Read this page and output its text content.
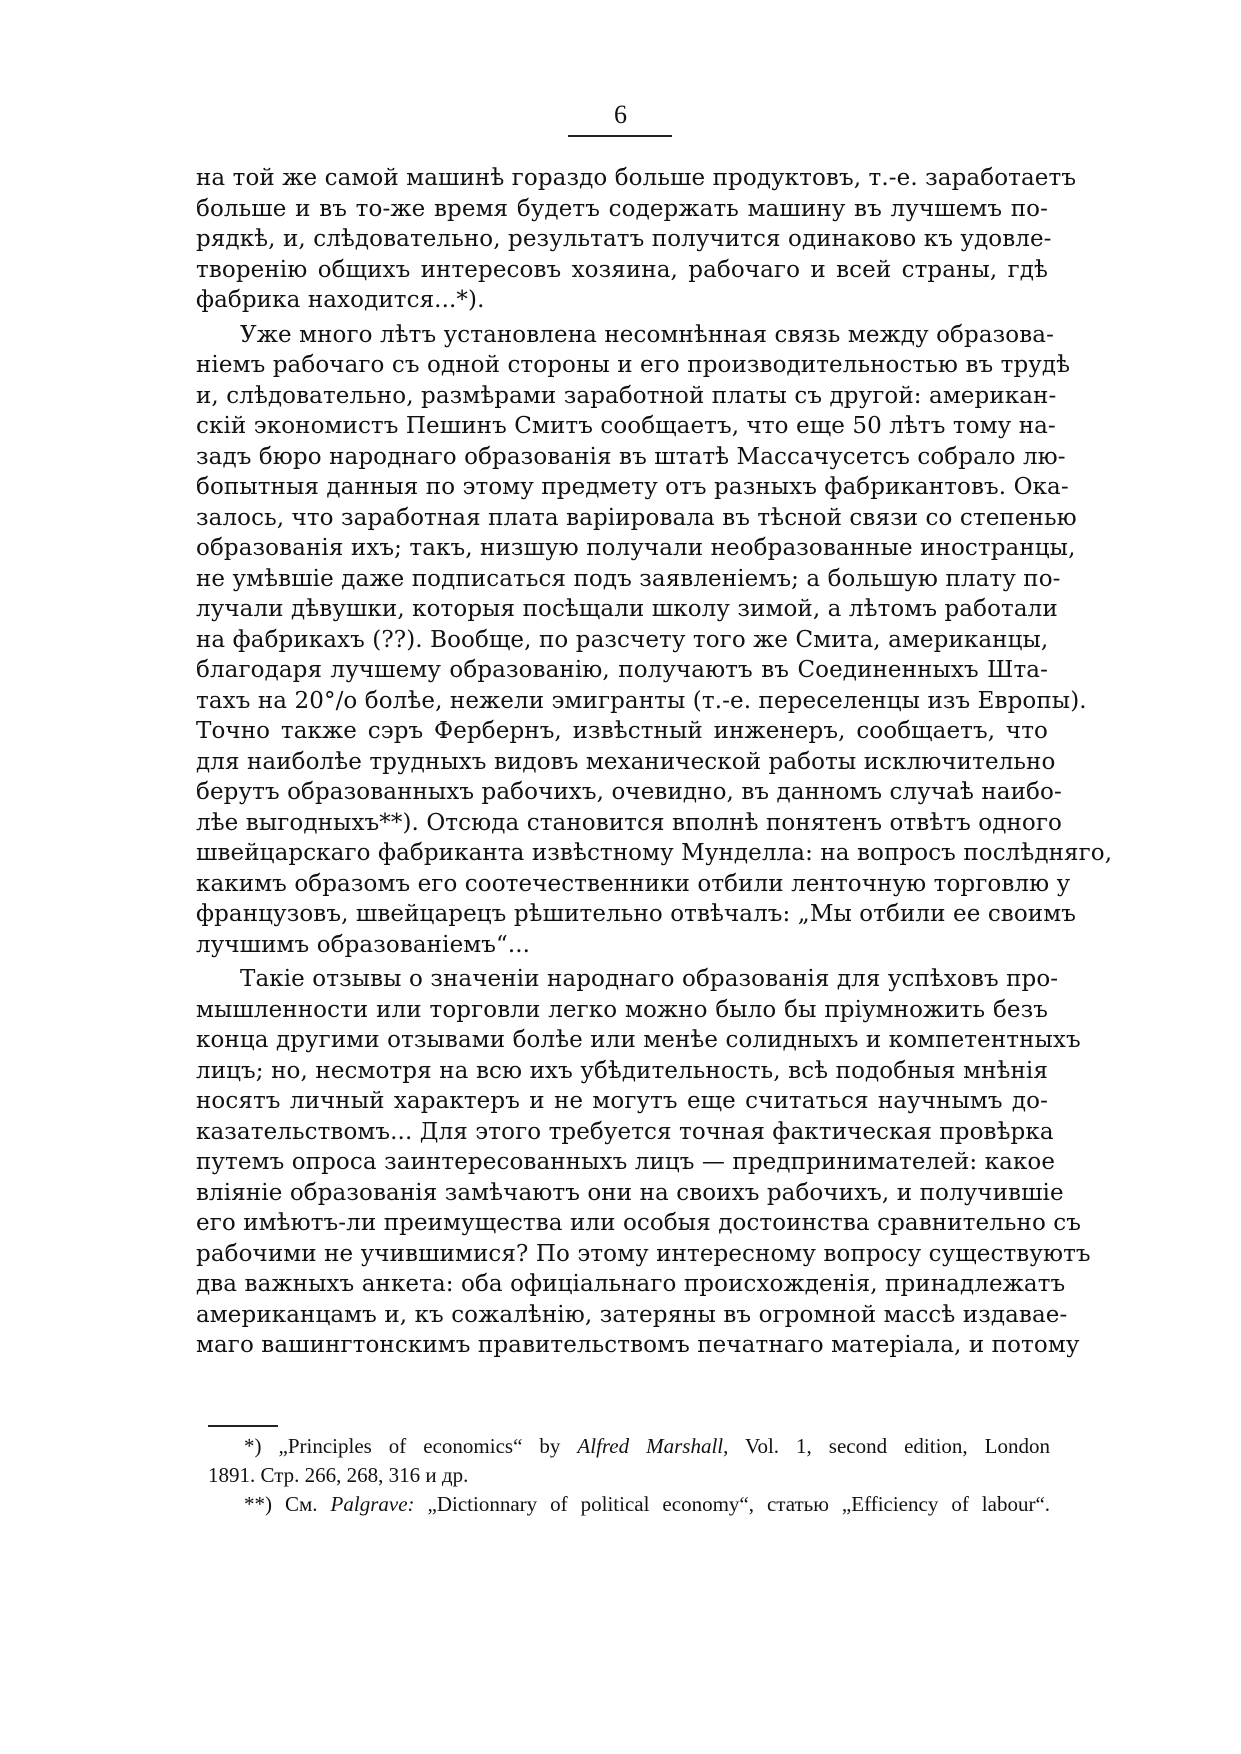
6
на той же самой машинѣ гораздо больше продуктовъ, т.-е. заработаетъ
больше и въ то-же время будетъ содержать машину въ лучшемъ по-
рядкѣ, и, слѣдовательно, результатъ получится одинаково къ удовле-
творенію общихъ интересовъ хозяина, рабочаго и всей страны, гдѣ
фабрика находится...*).
Уже много лѣтъ установлена несомнѣнная связь между образова-
ніемъ рабочаго съ одной стороны и его производительностью въ трудѣ
и, слѣдовательно, размѣрами заработной платы съ другой: американ-
скій экономистъ Пешинъ Смитъ сообщаетъ, что еще 50 лѣтъ тому на-
задъ бюро народнаго образованія въ штатѣ Массачусетсъ собрало лю-
бопытныя данныя по этому предмету отъ разныхъ фабрикантовъ. Ока-
залось, что заработная плата варіировала въ тѣсной связи со степенью
образованія ихъ; такъ, низшую получали необразованные иностранцы,
не умѣвшіе даже подписаться подъ заявленіемъ; а большую плату по-
лучали дѣвушки, которыя посѣщали школу зимой, а лѣтомъ работали
на фабрикахъ (??). Вообще, по разсчету того же Смита, американцы,
благодаря лучшему образованію, получаютъ въ Соединенныхъ Шта-
тахъ на 20°/о болѣе, нежели эмигранты (т.-е. переселенцы изъ Европы).
Точно также сэръ Фербернъ, извѣстный инженеръ, сообщаетъ, что
для наиболѣе трудныхъ видовъ механической работы исключительно
берутъ образованныхъ рабочихъ, очевидно, въ данномъ случаѣ наибо-
лѣе выгодныхъ**). Отсюда становится вполнѣ понятенъ отвѣтъ одного
швейцарскаго фабриканта извѣстному Мунделла: на вопросъ послѣдняго,
какимъ образомъ его соотечественники отбили ленточную торговлю у
французовъ, швейцарецъ рѣшительно отвѣчалъ: „Мы отбили ее своимъ
лучшимъ образованіемъ“...
Такіе отзывы о значеніи народнаго образованія для успѣховъ про-
мышленности или торговли легко можно было бы пріумножить безъ
конца другими отзывами болѣе или менѣе солидныхъ и компетентныхъ
лицъ; но, несмотря на всю ихъ убѣдительность, всѣ подобныя мнѣнія
носятъ личный характеръ и не могутъ еще считаться научнымъ до-
казательствомъ... Для этого требуется точная фактическая провѣрка
путемъ опроса заинтересованныхъ лицъ — предпринимателей: какое
вліяніе образованія замѣчаютъ они на своихъ рабочихъ, и получившіе
его имѣютъ-ли преимущества или особыя достоинства сравнительно съ
рабочими не учившимися? По этому интересному вопросу существуютъ
два важныхъ анкета: оба офиціальнаго происхожденія, принадлежатъ
американцамъ и, къ сожалѣнію, затеряны въ огромной массѣ издавае-
маго вашингтонскимъ правительствомъ печатнаго матеріала, и потому
*) „Principles of economics“ by Alfred Marshall, Vol. 1, second edition, London
1891. Стр. 266, 268, 316 и др.
**) См. Palgrave: „Dictionnary of political economy“, статью „Efficiency of labour“.
